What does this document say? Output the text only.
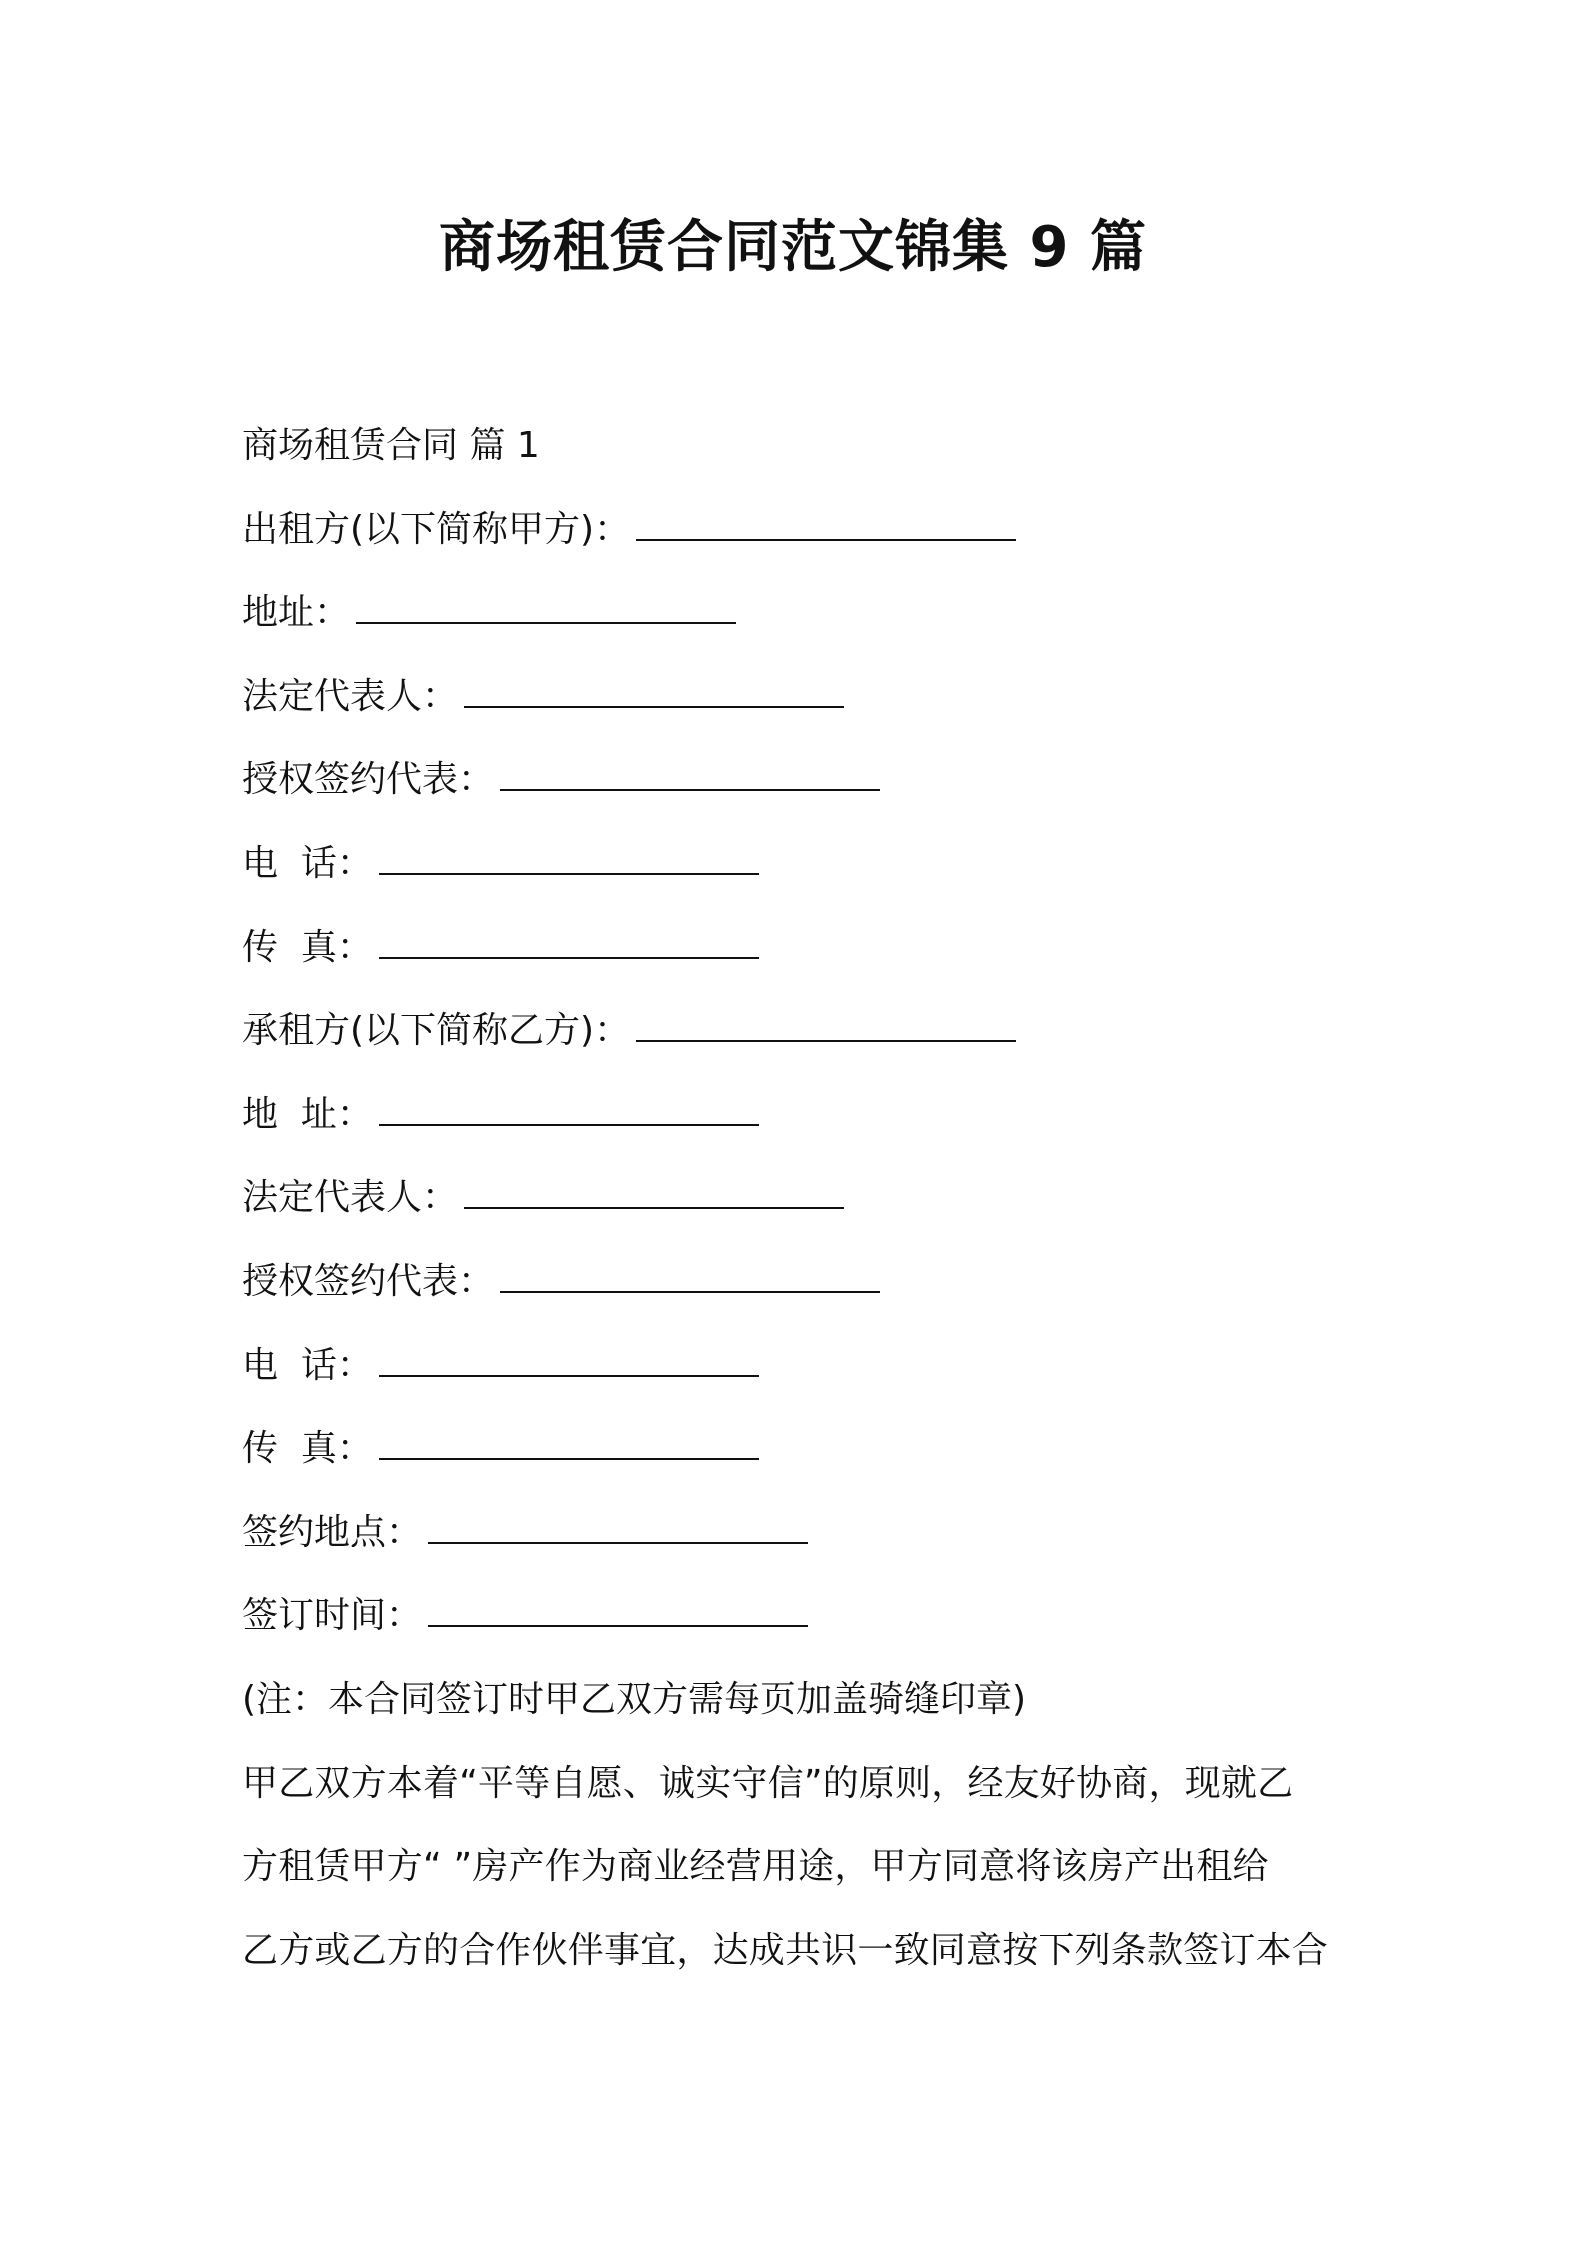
商场租赁合同范文锦集 9 篇
商场租赁合同 篇 1
出租方(以下简称甲方)：
地址：
法定代表人：
授权签约代表：
电  话：
传  真：
承租方(以下简称乙方)：
地  址：
法定代表人：
授权签约代表：
电  话：
传  真：
签约地点：
签订时间：
(注：本合同签订时甲乙双方需每页加盖骑缝印章)
甲乙双方本着“平等自愿、诚实守信”的原则，经友好协商，现就乙
方租赁甲方“ ”房产作为商业经营用途，甲方同意将该房产出租给
乙方或乙方的合作伙伴事宜，达成共识一致同意按下列条款签订本合
